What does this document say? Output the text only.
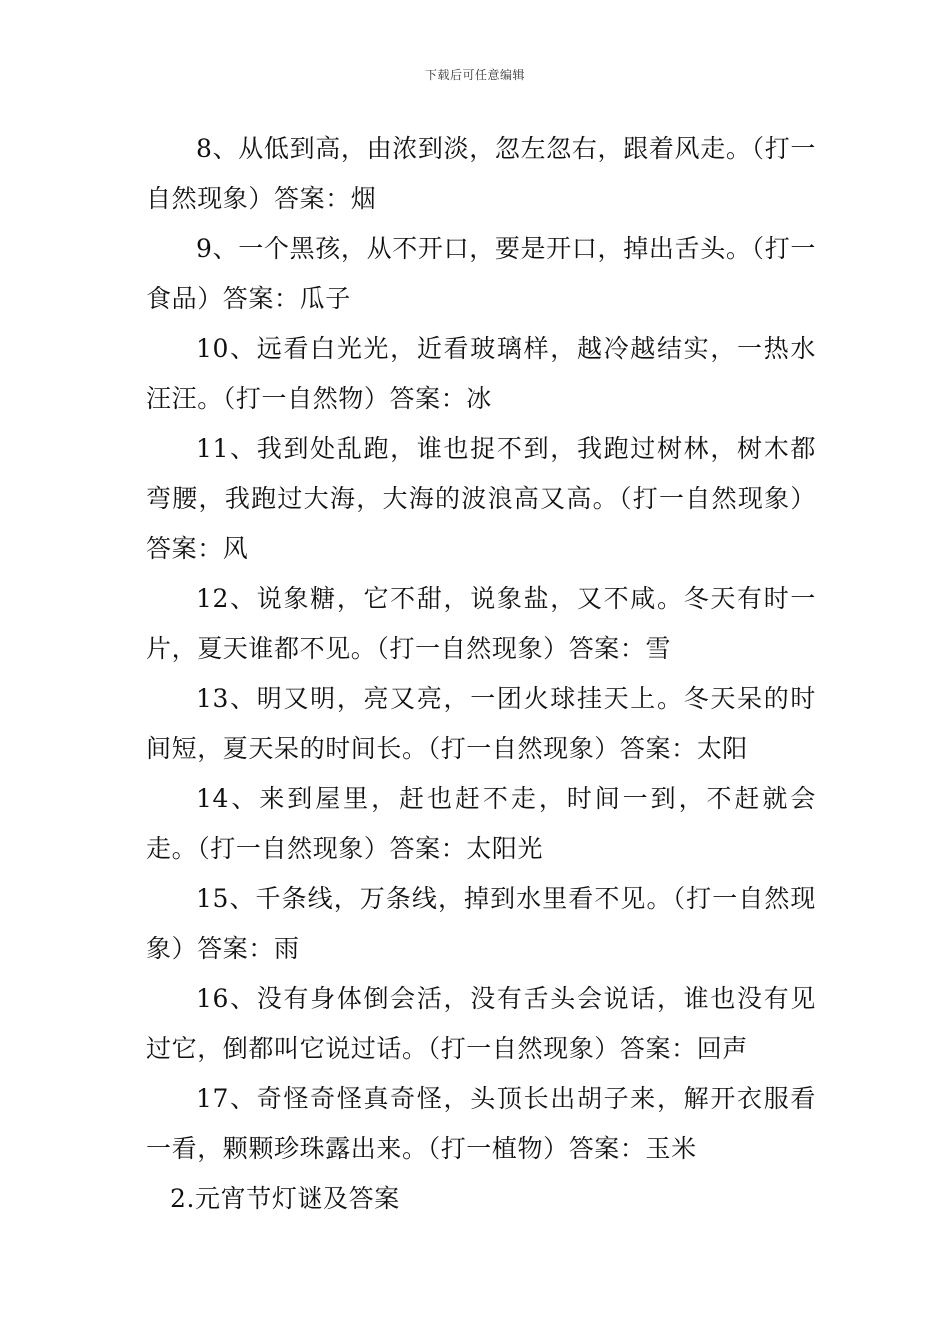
下载后可任意编辑

8、从低到高，由浓到淡，忽左忽右，跟着风走。（打一自然现象）答案：烟

9、一个黑孩，从不开口，要是开口，掉出舌头。（打一食品）答案：瓜子

10、远看白光光，近看玻璃样，越冷越结实，一热水汪汪。（打一自然物）答案：冰

11、我到处乱跑，谁也捉不到，我跑过树林，树木都弯腰，我跑过大海，大海的波浪高又高。（打一自然现象）答案：风

12、说象糖，它不甜，说象盐，又不咸。冬天有时一片，夏天谁都不见。（打一自然现象）答案：雪

13、明又明，亮又亮，一团火球挂天上。冬天呆的时间短，夏天呆的时间长。（打一自然现象）答案：太阳

14、来到屋里，赶也赶不走，时间一到，不赶就会走。（打一自然现象）答案：太阳光

15、千条线，万条线，掉到水里看不见。（打一自然现象）答案：雨

16、没有身体倒会活，没有舌头会说话，谁也没有见过它，倒都叫它说过话。（打一自然现象）答案：回声

17、奇怪奇怪真奇怪，头顶长出胡子来，解开衣服看一看，颗颗珍珠露出来。（打一植物）答案：玉米

2.元宵节灯谜及答案
